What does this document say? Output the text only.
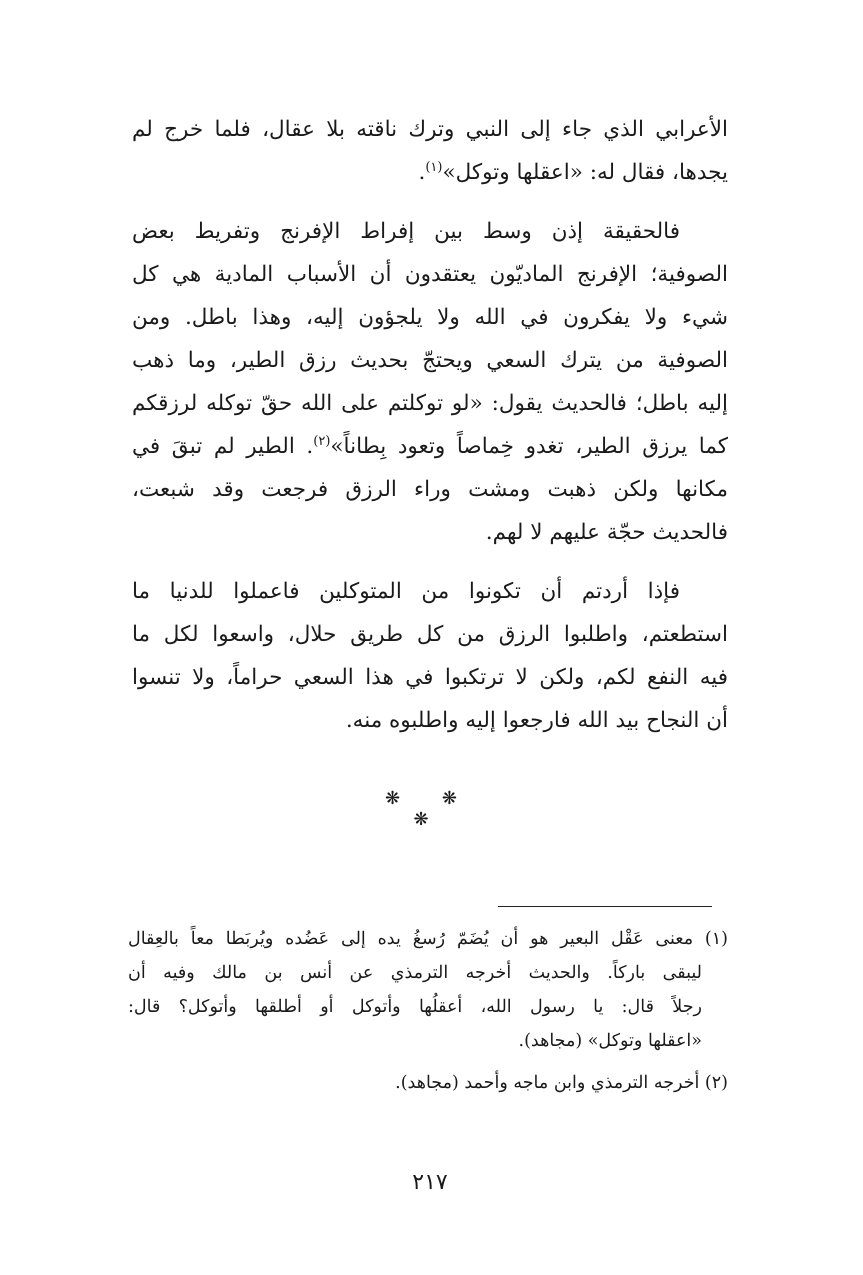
الأعرابي الذي جاء إلى النبي وترك ناقته بلا عقال، فلما خرج لم
يجدها، فقال له: «اعقلها وتوكل»$^{(١)}$.

فالحقيقة إذن وسط بين إفراط الإفرنج وتفريط بعض
الصوفية؛ الإفرنج الماديّون يعتقدون أن الأسباب المادية هي كل
شيء ولا يفكرون في الله ولا يلجؤون إليه، وهذا باطل. ومن
الصوفية من يترك السعي ويحتجّ بحديث رزق الطير، وما ذهب
إليه باطل؛ فالحديث يقول: «لو توكلتم على الله حقّ توكله لرزقكم
كما يرزق الطير، تغدو خِماصاً وتعود بِطاناً»$^{(٢)}$. الطير لم تبقَ في
مكانها ولكن ذهبت ومشت وراء الرزق فرجعت وقد شبعت،
فالحديث حجّة عليهم لا لهم.

فإذا أردتم أن تكونوا من المتوكلين فاعملوا للدنيا ما
استطعتم، واطلبوا الرزق من كل طريق حلال، واسعوا لكل ما
فيه النفع لكم، ولكن لا ترتكبوا في هذا السعي حراماً، ولا تنسوا
أن النجاح بيد الله فارجعوا إليه واطلبوه منه.

❋ ❋ ❋
(١) معنى عَقْل البعير هو أن يُضَمّ رُسغُ يده إلى عَضُده ويُربَطا معاً بالعِقال
ليبقى باركاً. والحديث أخرجه الترمذي عن أنس بن مالك وفيه أن
رجلاً قال: يا رسول الله، أعقلُها وأتوكل أو أطلقها وأتوكل؟ قال:
«اعقلها وتوكل» (مجاهد).
(٢) أخرجه الترمذي وابن ماجه وأحمد (مجاهد).
٢١٧
